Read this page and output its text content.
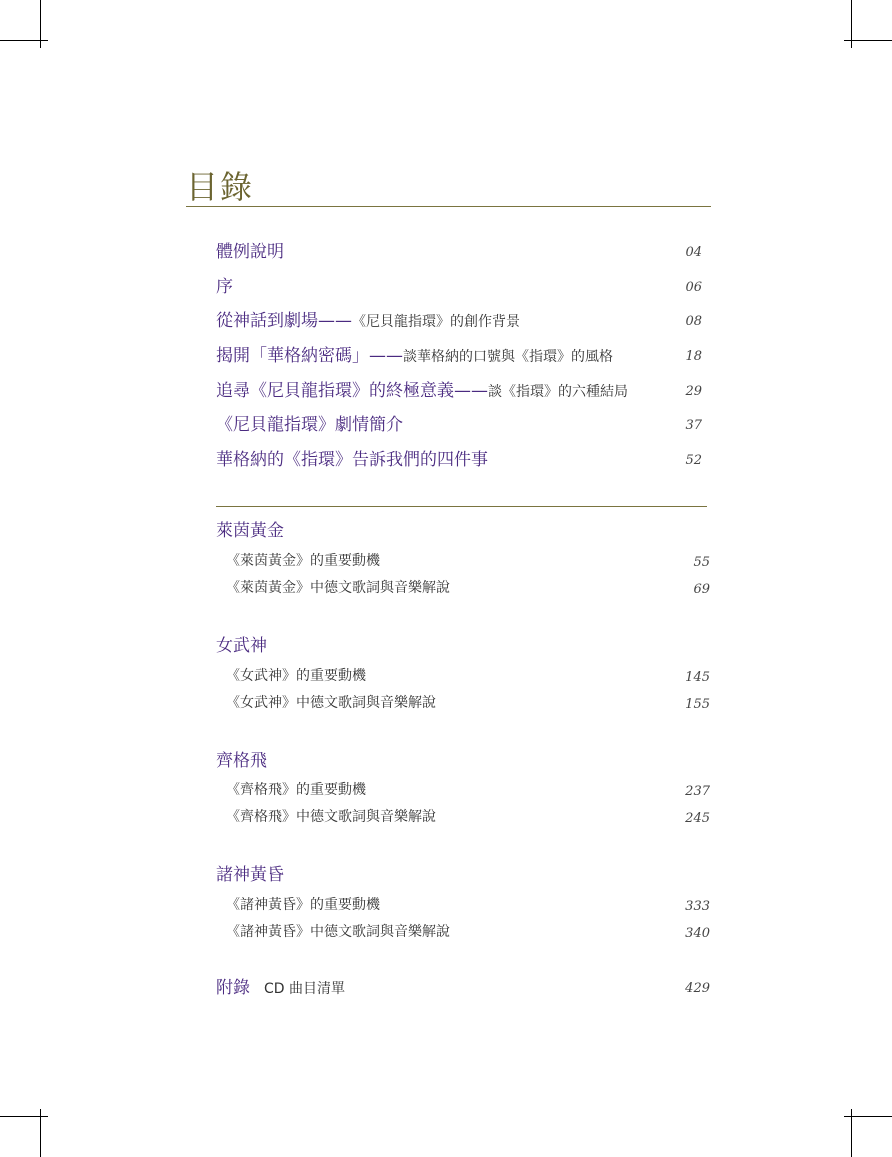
目錄
體例說明	04
序	06
從神話到劇場——《尼貝龍指環》的創作背景	08
揭開「華格納密碼」——談華格納的口號與《指環》的風格	18
追尋《尼貝龍指環》的終極意義——談《指環》的六種結局	29
《尼貝龍指環》劇情簡介	37
華格納的《指環》告訴我們的四件事	52
萊茵黃金
《萊茵黃金》的重要動機	55
《萊茵黃金》中德文歌詞與音樂解說	69
女武神
《女武神》的重要動機	145
《女武神》中德文歌詞與音樂解說	155
齊格飛
《齊格飛》的重要動機	237
《齊格飛》中德文歌詞與音樂解說	245
諸神黃昏
《諸神黃昏》的重要動機	333
《諸神黃昏》中德文歌詞與音樂解說	340
附錄 CD 曲目清單	429
